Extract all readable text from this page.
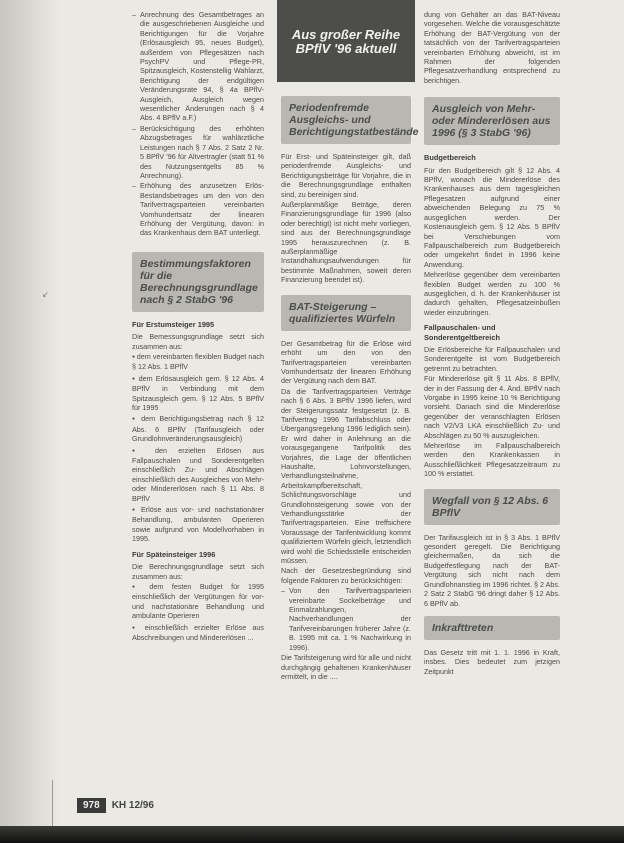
↙
– Anrechnung des Gesamtbetrages an die ausgeschriebenen Ausgleiche und Berichtigungen für die Vorjahre (Erlösausgleich 95, neues Budget), außerdem von Pflegesätzen nach PsychPV und Pflege-PR, Spitzausgleich, Kostenstellig Wahlarzt, Berichtigung der endgültigen Veränderungsrate 94, § 4a BPflV-Ausgleich, Ausgleich wegen wesentlicher Änderungen nach § 4 Abs. 4 BPflV a.F.)
– Berücksichtigung des erhöhten Abzugsbetrages für wahlärztliche Leistungen nach § 7 Abs. 2 Satz 2 Nr. 5 BPflV '96 für Altvertragler (statt 51 % des Nutzungsentgelts 85 % Anrechnung).
– Erhöhung des anzusetzen Erlös-Bestandsbetrages um den von den Tarifvertragsparteien vereinbarten Vomhundertsatz der linearen Erhöhung der Vergütung, davon: in das Krankenhaus dem BAT unterliegt.
Bestimmungsfaktoren für die Berechnungsgrundlage nach § 2 StabG '96
Für Erstumsteiger 1995

Die Bemessungsgrundlage setzt sich zusammen aus:

● dem vereinbarten flexiblen Budget nach § 12 Abs. 1 BPflV
● dem Erlösausgleich gem. § 12 Abs. 4 BPflV in Verbindung mit dem Spitzausgleich gem. § 12 Abs. 5 BPflV für 1995
● dem Berichtigungsbetrag nach § 12 Abs. 6 BPflV (Tarifausgleich oder Grundlohnveränderungsausgleich)
● den erzielten Erlösen aus Fallpauschalen und Sonderentgelten einschließlich Zu- und Abschlägen einschließlich des Ausgleiches von Mehr- oder Mindererlösen nach § 11 Abs. 8 BPflV
● Erlöse aus vor- und nachstationärer Behandlung, ambulanten Operieren sowie aufgrund von Modellvorhaben in 1995.
Für Späteinsteiger 1996

Die Berechnungsgrundlage setzt sich zusammen aus:

● dem festen Budget für 1995 einschließlich der Vergütungen für vor- und nachstationäre Behandlung und ambulante Operieren
● einschließlich erzielter Erlöse aus Abschreibungen und Mindererlösen ...
Aus großer Reihe BPflV '96 aktuell
Periodenfremde Ausgleichs- und Berichtigungstatbestände

Für Erst- und Späteinsteiger gilt, daß periodenfremde Ausgleichs- und Berichtigungsbeträge für Vorjahre, die in die Berechnungsgrundlage enthalten sind, zu bereinigen sind.

Außerplanmäßige Beträge, deren Finanzierungsgrundlage für 1996 (also oder berechtigt) ist nicht mehr vorliegen, sind aus der Berechnungsgrundlage 1995 herauszurechnen (z. B. außerplanmäßige Instandhaltungsaufwendungen für bestimmte Maßnahmen, soweit deren Finanzierung beendet ist).

BAT-Steigerung – qualifiziertes Würfeln

Der Gesamtbetrag für die Erlöse wird erhöht um den von den Tarifvertragsparteien vereinbarten Vomhundertsatz der linearen Erhöhung der Vergütung nach dem BAT.

Da die Tarifvertragsparteien Verträge nach § 6 Abs. 3 BPflV 1996 liefen, wird der Steigerungssatz festgesetzt (z. B. Tarifvertrag 1996 Tarifabschluss oder Übergangsregelung 1996 lediglich sein). Er wird daher in Anlehnung an die vorausgegangene Tarifpolitik des Vorjahres, die Lage der öffentlichen Haushalte, Lohnvorstellungen, Verhandlungsteilnahme, Arbeitskampfbereitschaft, Schlichtungsvorschläge und Grundlohnsteigerung sowie von der Verhandlungsstärke der Tarifvertragsparteien. Eine treffsichere Voraussage der Tarifentwicklung kommt qualifiziertem Würfeln gleich, letztendlich wird wohl die Schiedsstelle entscheiden müssen.

Nach der Gesetzesbegründung sind folgende Faktoren zu berücksichtigen:

– Von den Tarifvertragsparteien vereinbarte Sockelbeträge und Einmalzahlungen, Nachverhandlungen der Tarifvereinbarungen früherer Jahre (z. B. 1995 mit ca. 1 % Nachwirkung in 1996).

Die Tarifsteigerung wird für alle und nicht durchgängig gehaltenen Krankenhäuser ermittelt, in die ....

dung von Gehälter an das BAT-Niveau vorgesehen. Welche die vorausgeschätzte Erhöhung der BAT-Vergütung von der tatsächlich von der Tarifvertragsparteien vereinbarten Erhöhung abweicht, ist im Rahmen der folgenden Pflegesatzverhandlung entsprechend zu berichtigen.

Ausgleich von Mehr- oder Mindererlösen aus 1996 (§ 3 StabG '96)
Budgetbereich

Für den Budgetbereich gilt § 12 Abs. 4 BPflV, wonach die Mindererlöse des Krankenhauses aus dem tagesgleichen Pflegesatzen aufgrund einer abweichenden Belegung zu 75 % ausgeglichen werden. Der Kostenausgleich gem. § 12 Abs. 5 BPflV bei Verschiebungen vom Fallpauschalbereich zum Budgetbereich oder umgekehrt findet in 1996 keine Anwendung.

Mehrerlöse gegenüber dem vereinbarten flexiblen Budget werden zu 100 % ausgeglichen, d. h. der Krankenhäuser ist dadurch gehalten, Pflegesatzeinbußen wieder einzubringen.

Fallpauschalen- und Sonderentgeltbereich

Die Erlösbereiche für Fallpauschalen und Sonderentgelte ist vom Budgetbereich getrennt zu betrachten.

Für Mindererlöse gilt § 11 Abs. 8 BPflV, der in der Fassung der 4. Änd. BPflV nach Vorgabe in 1995 keine 10 % Berichtigung vorsieht. Danach sind die Mindererlöse gegenüber der veranschlagten Erlösen nach V2/V3 LKA einschließlich Zu- und Abschlägen zu 50 % auszugleichen.

Mehrerlöse im Fallpauschalbereich werden den Krankenkassen in Ausschließlichkeit Pflegesatzzeitraum zu 100 % erstattet.

Wegfall von § 12 Abs. 6 BPflV

Der Tarifausgleich ist in § 3 Abs. 1 BPflV gesondert geregelt. Die Berichtigung gleichermaßen, da sich die Budgetfestlegung nach der BAT-Vergütung sich nicht nach dem Grundlohnanstieg im 1996 richtet. § 2 Abs. 2 Satz 2 StabG '96 dringt daher § 12 Abs. 6 BPflV ab.

Inkrafttreten

Das Gesetz tritt mit 1. 1. 1996 in Kraft, insbes. Dies bedeutet zum jetzigen Zeitpunkt

978	KH 12/96
